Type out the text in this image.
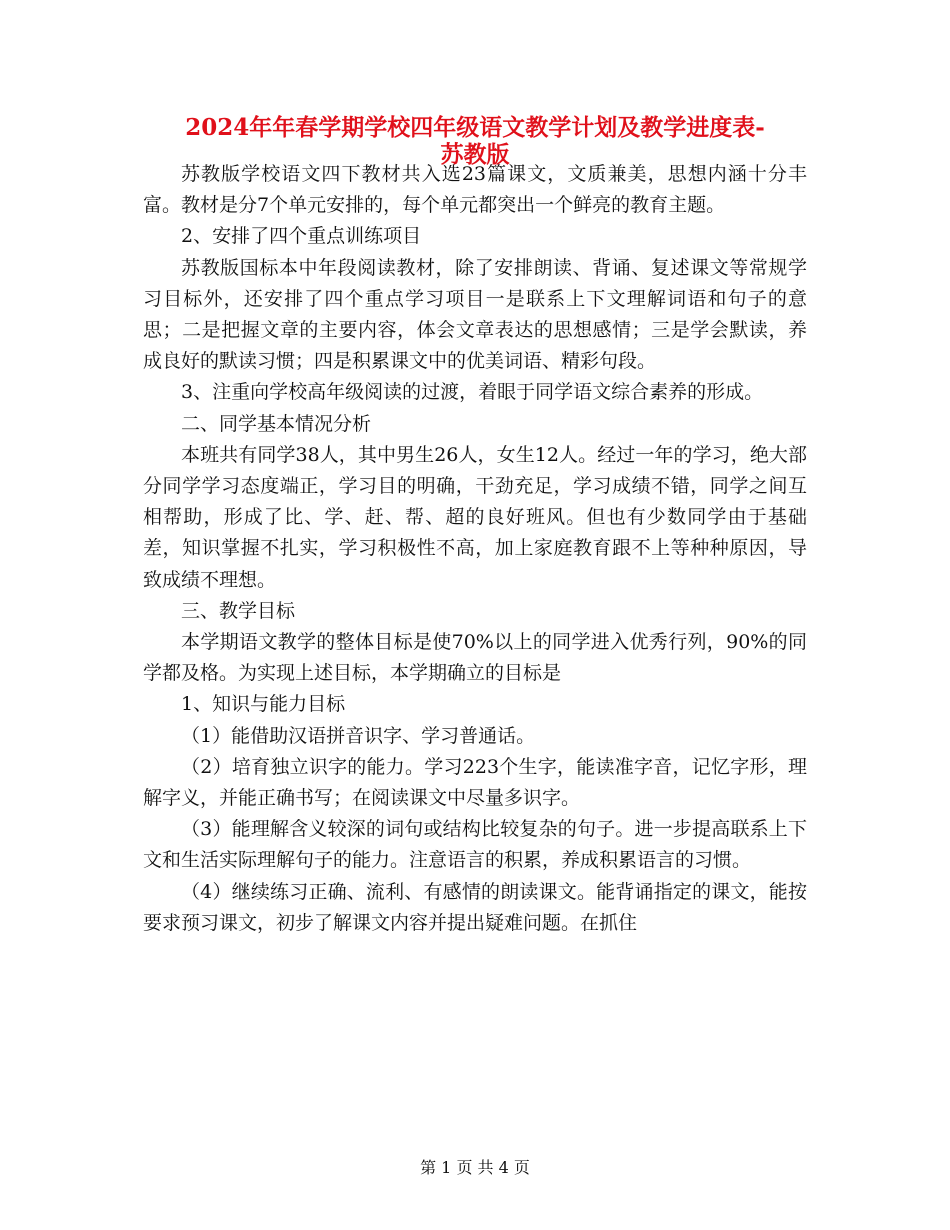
2024年年春学期学校四年级语文教学计划及教学进度表-
苏教版

苏教版学校语文四下教材共入选23篇课文，文质兼美，思想内涵十分丰富。教材是分7个单元安排的，每个单元都突出一个鲜亮的教育主题。

2、安排了四个重点训练项目

苏教版国标本中年段阅读教材，除了安排朗读、背诵、复述课文等常规学习目标外，还安排了四个重点学习项目一是联系上下文理解词语和句子的意思；二是把握文章的主要内容，体会文章表达的思想感情；三是学会默读，养成良好的默读习惯；四是积累课文中的优美词语、精彩句段。

3、注重向学校高年级阅读的过渡，着眼于同学语文综合素养的形成。

二、同学基本情况分析

本班共有同学38人，其中男生26人，女生12人。经过一年的学习，绝大部分同学学习态度端正，学习目的明确，干劲充足，学习成绩不错，同学之间互相帮助，形成了比、学、赶、帮、超的良好班风。但也有少数同学由于基础差，知识掌握不扎实，学习积极性不高，加上家庭教育跟不上等种种原因，导致成绩不理想。

三、教学目标

本学期语文教学的整体目标是使70%以上的同学进入优秀行列，90%的同学都及格。为实现上述目标，本学期确立的目标是

1、知识与能力目标

（1）能借助汉语拼音识字、学习普通话。

（2）培育独立识字的能力。学习223个生字，能读准字音，记忆字形，理解字义，并能正确书写；在阅读课文中尽量多识字。

（3）能理解含义较深的词句或结构比较复杂的句子。进一步提高联系上下文和生活实际理解句子的能力。注意语言的积累，养成积累语言的习惯。

（4）继续练习正确、流利、有感情的朗读课文。能背诵指定的课文，能按要求预习课文，初步了解课文内容并提出疑难问题。在抓住

第 1 页 共 4 页
